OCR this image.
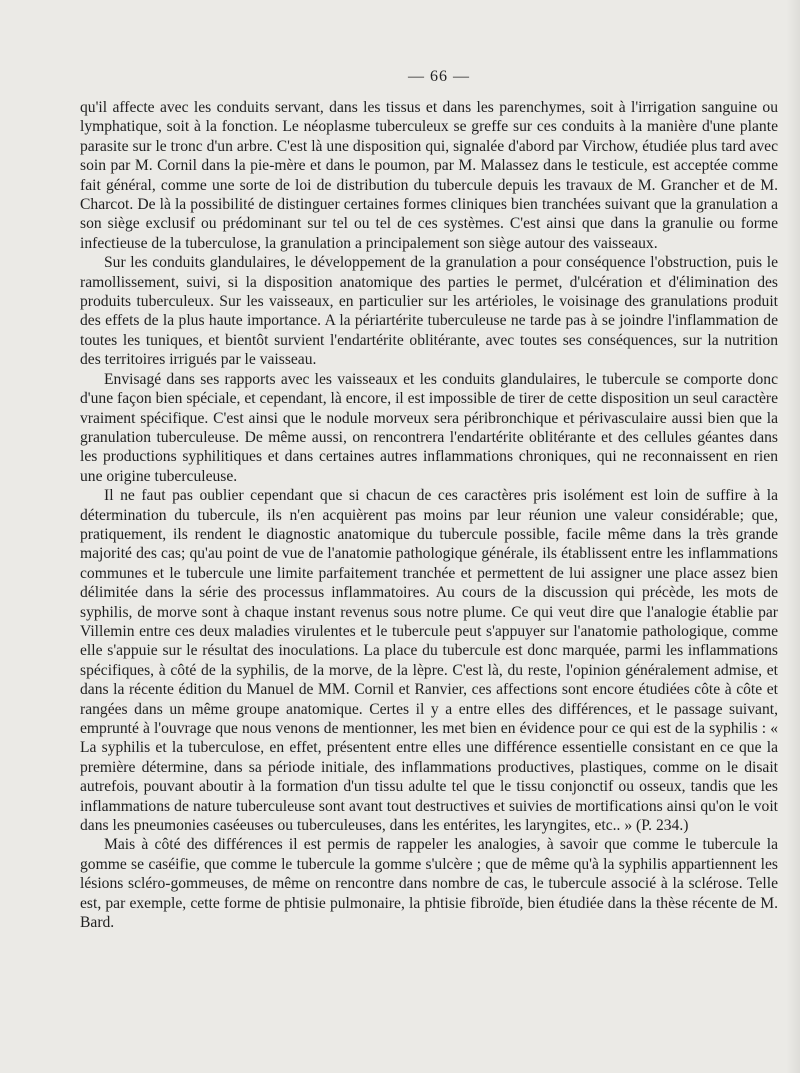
— 66 —

qu'il affecte avec les conduits servant, dans les tissus et dans les parenchymes, soit à l'irrigation sanguine ou lymphatique, soit à la fonction. Le néoplasme tuberculeux se greffe sur ces conduits à la manière d'une plante parasite sur le tronc d'un arbre. C'est là une disposition qui, signalée d'abord par Virchow, étudiée plus tard avec soin par M. Cornil dans la pie-mère et dans le poumon, par M. Malassez dans le testicule, est acceptée comme fait général, comme une sorte de loi de distribution du tubercule depuis les travaux de M. Grancher et de M. Charcot. De là la possibilité de distinguer certaines formes cliniques bien tranchées suivant que la granulation a son siège exclusif ou prédominant sur tel ou tel de ces systèmes. C'est ainsi que dans la granulie ou forme infectieuse de la tuberculose, la granulation a principalement son siège autour des vaisseaux.

Sur les conduits glandulaires, le développement de la granulation a pour conséquence l'obstruction, puis le ramollissement, suivi, si la disposition anatomique des parties le permet, d'ulcération et d'élimination des produits tuberculeux. Sur les vaisseaux, en particulier sur les artérioles, le voisinage des granulations produit des effets de la plus haute importance. A la périartérite tuberculeuse ne tarde pas à se joindre l'inflammation de toutes les tuniques, et bientôt survient l'endartérite oblitérante, avec toutes ses conséquences, sur la nutrition des territoires irrigués par le vaisseau.

Envisagé dans ses rapports avec les vaisseaux et les conduits glandulaires, le tubercule se comporte donc d'une façon bien spéciale, et cependant, là encore, il est impossible de tirer de cette disposition un seul caractère vraiment spécifique. C'est ainsi que le nodule morveux sera péribronchique et périvasculaire aussi bien que la granulation tuberculeuse. De même aussi, on rencontrera l'endartérite oblitérante et des cellules géantes dans les productions syphilitiques et dans certaines autres inflammations chroniques, qui ne reconnaissent en rien une origine tuberculeuse.

Il ne faut pas oublier cependant que si chacun de ces caractères pris isolément est loin de suffire à la détermination du tubercule, ils n'en acquièrent pas moins par leur réunion une valeur considérable; que, pratiquement, ils rendent le diagnostic anatomique du tubercule possible, facile même dans la très grande majorité des cas; qu'au point de vue de l'anatomie pathologique générale, ils établissent entre les inflammations communes et le tubercule une limite parfaitement tranchée et permettent de lui assigner une place assez bien délimitée dans la série des processus inflammatoires. Au cours de la discussion qui précède, les mots de syphilis, de morve sont à chaque instant revenus sous notre plume. Ce qui veut dire que l'analogie établie par Villemin entre ces deux maladies virulentes et le tubercule peut s'appuyer sur l'anatomie pathologique, comme elle s'appuie sur le résultat des inoculations. La place du tubercule est donc marquée, parmi les inflammations spécifiques, à côté de la syphilis, de la morve, de la lèpre. C'est là, du reste, l'opinion généralement admise, et dans la récente édition du Manuel de MM. Cornil et Ranvier, ces affections sont encore étudiées côte à côte et rangées dans un même groupe anatomique. Certes il y a entre elles des différences, et le passage suivant, emprunté à l'ouvrage que nous venons de mentionner, les met bien en évidence pour ce qui est de la syphilis : « La syphilis et la tuberculose, en effet, présentent entre elles une différence essentielle consistant en ce que la première détermine, dans sa période initiale, des inflammations productives, plastiques, comme on le disait autrefois, pouvant aboutir à la formation d'un tissu adulte tel que le tissu conjonctif ou osseux, tandis que les inflammations de nature tuberculeuse sont avant tout destructives et suivies de mortifications ainsi qu'on le voit dans les pneumonies caséeuses ou tuberculeuses, dans les entérites, les laryngites, etc.. » (P. 234.)

Mais à côté des différences il est permis de rappeler les analogies, à savoir que comme le tubercule la gomme se caséifie, que comme le tubercule la gomme s'ulcère ; que de même qu'à la syphilis appartiennent les lésions scléro-gommeuses, de même on rencontre dans nombre de cas, le tubercule associé à la sclérose. Telle est, par exemple, cette forme de phtisie pulmonaire, la phtisie fibroïde, bien étudiée dans la thèse récente de M. Bard.
